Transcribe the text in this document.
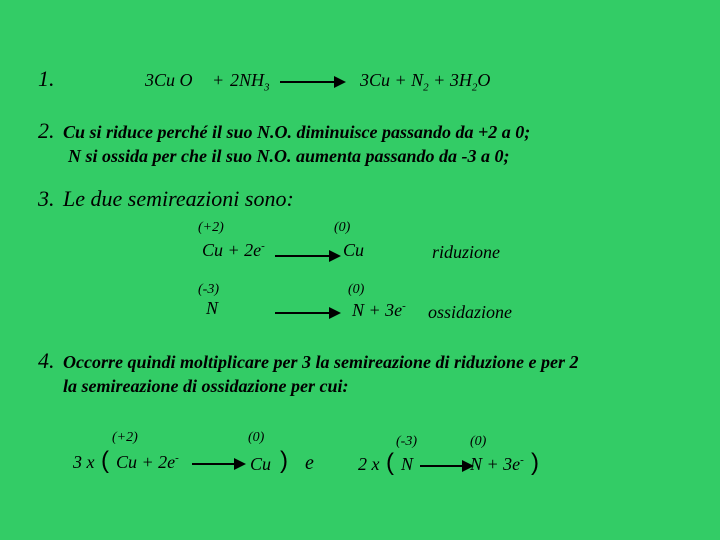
1.	3Cu $O + 2NH_3$	$3Cu + N_2 + 3H_2O$
2. Cu si riduce perché il suo N.O. diminuisce passando da +2 a 0;
N si ossida per che il suo N.O. aumenta passando da -3 a 0;
3. Le due semireazioni sono:
(+2)	(0)
Cu + 2e-	Cu	riduzione
(-3)	(0)
N	N + 3e- ossidazione
4. Occorre quindi moltiplicare per 3 la semireazione di riduzione e per 2
la semireazione di ossidazione per cui:
(+2)	(0)	(-3)	(0)
3 x ( Cu + 2e-	Cu ) e 2 x ( N	N + 3e- )
